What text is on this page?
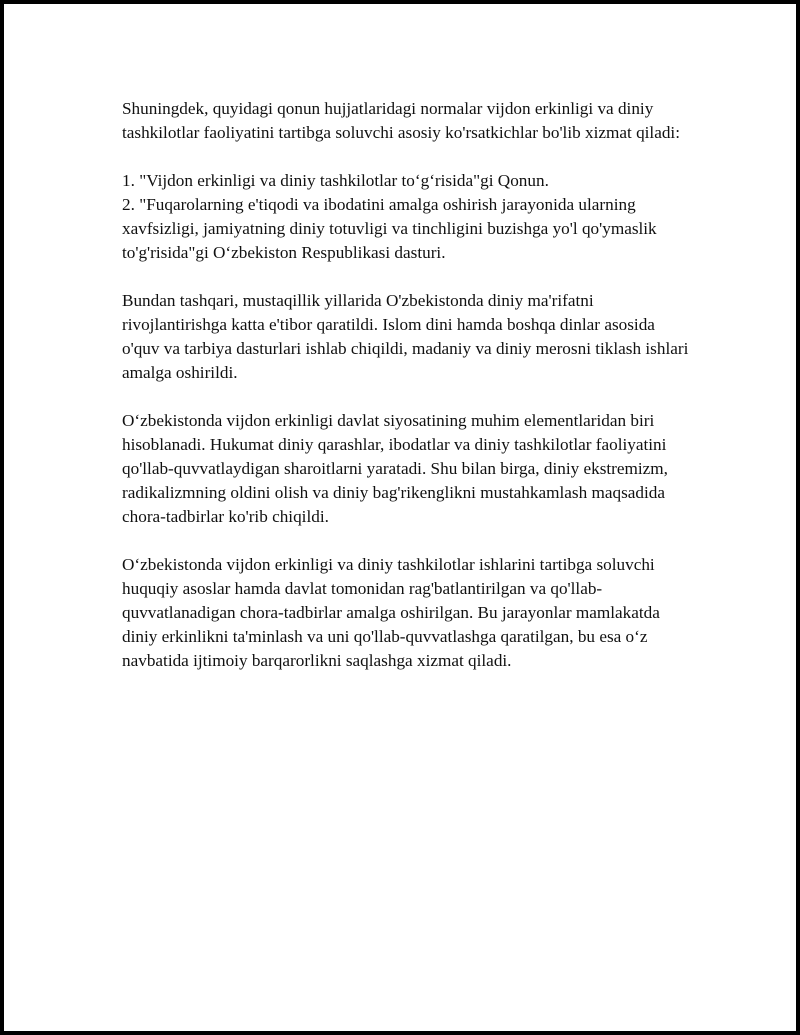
Shuningdek, quyidagi qonun hujjatlaridagi normalar vijdon erkinligi va diniy tashkilotlar faoliyatini tartibga soluvchi asosiy ko'rsatkichlar bo'lib xizmat qiladi:

1. "Vijdon erkinligi va diniy tashkilotlar to‘g‘risida"gi Qonun.

2. "Fuqarolarning e'tiqodi va ibodatini amalga oshirish jarayonida ularning xavfsizligi, jamiyatning diniy totuvligi va tinchligini buzishga yo'l qo'ymaslik to'g'risida"gi O‘zbekiston Respublikasi dasturi.

Bundan tashqari, mustaqillik yillarida O'zbekistonda diniy ma'rifatni rivojlantirishga katta e'tibor qaratildi. Islom dini hamda boshqa dinlar asosida o'quv va tarbiya dasturlari ishlab chiqildi, madaniy va diniy merosni tiklash ishlari amalga oshirildi.

O‘zbekistonda vijdon erkinligi davlat siyosatining muhim elementlaridan biri hisoblanadi. Hukumat diniy qarashlar, ibodatlar va diniy tashkilotlar faoliyatini qo'llab-quvvatlaydigan sharoitlarni yaratadi. Shu bilan birga, diniy ekstremizm, radikalizmning oldini olish va diniy bag'rikenglikni mustahkamlash maqsadida chora-tadbirlar ko'rib chiqildi.

O‘zbekistonda vijdon erkinligi va diniy tashkilotlar ishlarini tartibga soluvchi huquqiy asoslar hamda davlat tomonidan rag'batlantirilgan va qo'llab-quvvatlanadigan chora-tadbirlar amalga oshirilgan. Bu jarayonlar mamlakatda diniy erkinlikni ta'minlash va uni qo'llab-quvvatlashga qaratilgan, bu esa o‘z navbatida ijtimoiy barqarorlikni saqlashga xizmat qiladi.
